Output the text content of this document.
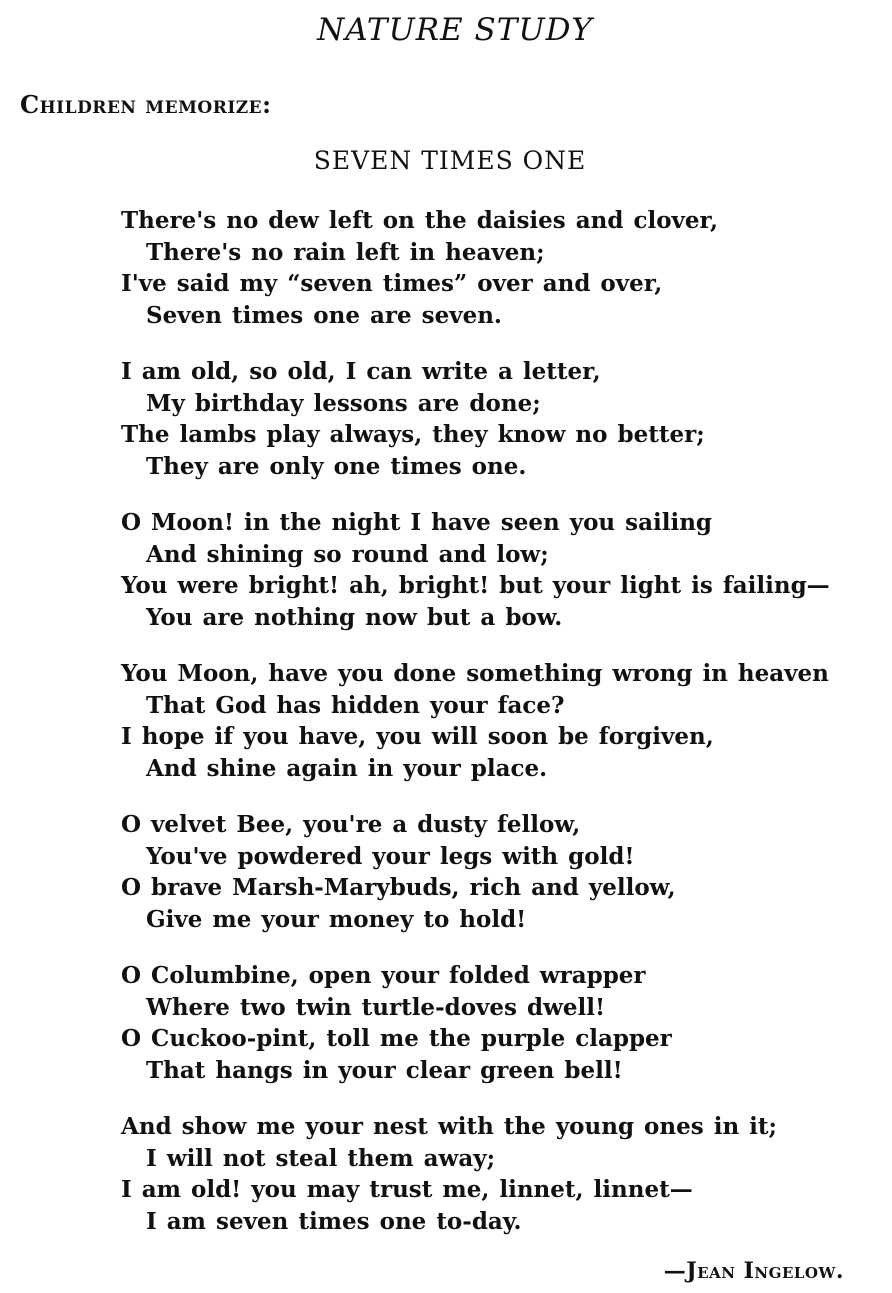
NATURE STUDY
Children memorize:
SEVEN TIMES ONE
There's no dew left on the daisies and clover,
There's no rain left in heaven;
I've said my “seven times” over and over,
Seven times one are seven.
I am old, so old, I can write a letter,
My birthday lessons are done;
The lambs play always, they know no better;
They are only one times one.
O Moon! in the night I have seen you sailing
And shining so round and low;
You were bright! ah, bright! but your light is failing—
You are nothing now but a bow.
You Moon, have you done something wrong in heaven
That God has hidden your face?
I hope if you have, you will soon be forgiven,
And shine again in your place.
O velvet Bee, you're a dusty fellow,
You've powdered your legs with gold!
O brave Marsh-Marybuds, rich and yellow,
Give me your money to hold!
O Columbine, open your folded wrapper
Where two twin turtle-doves dwell!
O Cuckoo-pint, toll me the purple clapper
That hangs in your clear green bell!
And show me your nest with the young ones in it;
I will not steal them away;
I am old! you may trust me, linnet, linnet—
I am seven times one to-day.
—Jean Ingelow.
